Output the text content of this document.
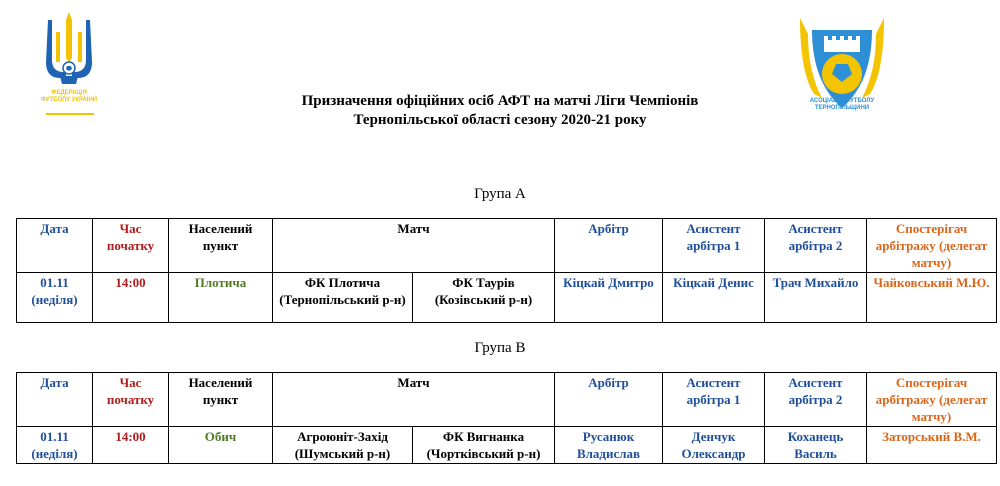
ФЕДЕРАЦІЯ ФУТБОЛУ УКРАЇНИ	АСОЦІАЦІЯ ФУТБОЛУ ТЕРНОПІЛЬЩИНИ
Призначення офіційних осіб АФТ на матчі Ліги Чемпіонів
Тернопільської області сезону 2020-21 року
Група А
Дата	Час початку	Населений пункт	Матч		Арбітр	Асистент арбітра 1	Асистент арбітра 2	Спостерігач арбітражу (делегат матчу)
01.11 (неділя)	14:00	Плотича	ФК Плотича (Тернопільський р-н)	ФК Таурів (Козівський р-н)	Кіцкай Дмитро	Кіцкай Денис	Трач Михайло	Чайковський М.Ю.
Група В
Дата	Час початку	Населений пункт	Матч		Арбітр	Асистент арбітра 1	Асистент арбітра 2	Спостерігач арбітражу (делегат матчу)
01.11 (неділя)	14:00	Обич	Агроюніт-Захід (Шумський р-н)	ФК Вигнанка (Чортківський р-н)	Русанюк Владислав	Денчук Олександр	Коханець Василь	Заторський В.М.
